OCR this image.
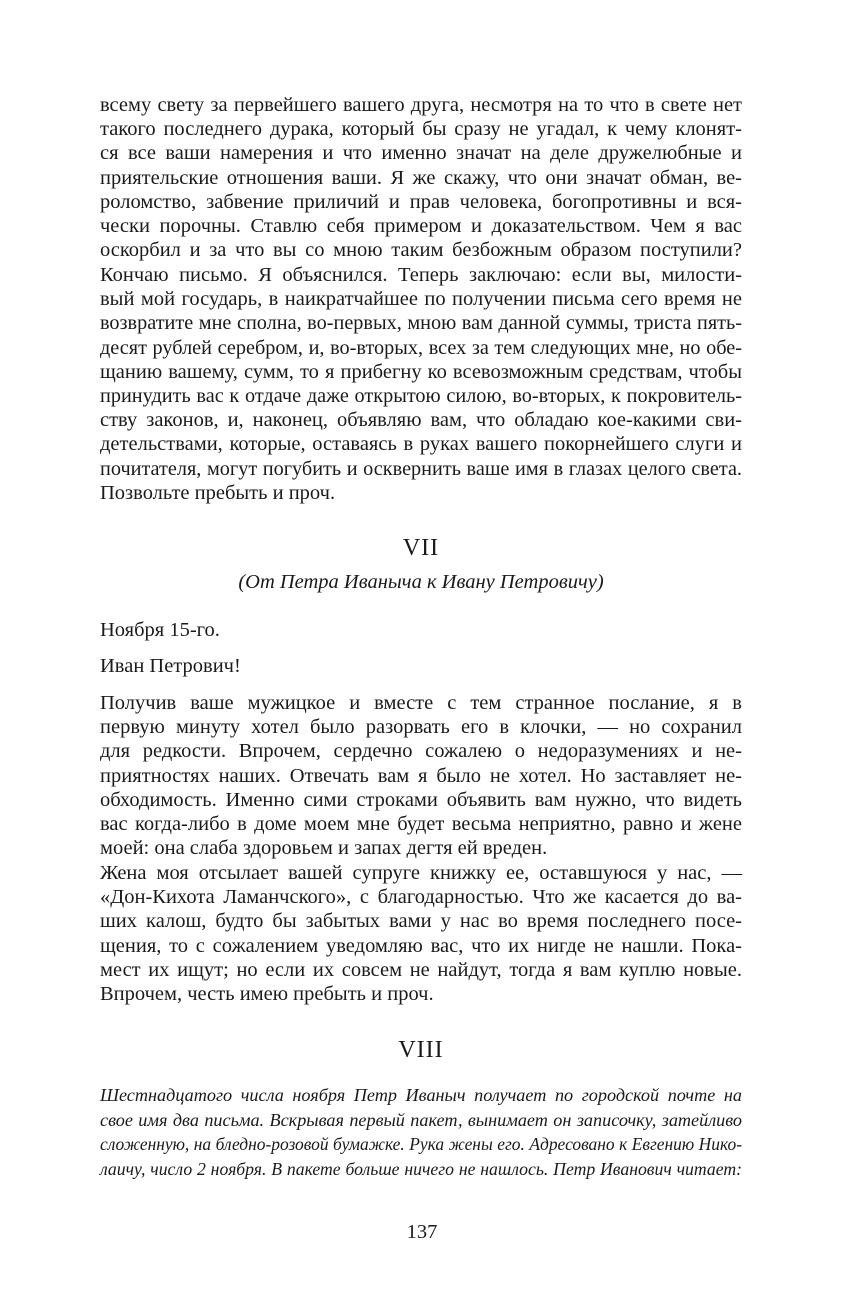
всему свету за первейшего вашего друга, несмотря на то что в свете нет
такого последнего дурака, который бы сразу не угадал, к чему клонят-
ся все ваши намерения и что именно значат на деле дружелюбные и
приятельские отношения ваши. Я же скажу, что они значат обман, ве-
роломство, забвение приличий и прав человека, богопротивны и вся-
чески порочны. Ставлю себя примером и доказательством. Чем я вас
оскорбил и за что вы со мною таким безбожным образом поступили?
Кончаю письмо. Я объяснился. Теперь заключаю: если вы, милости-
вый мой государь, в наикратчайшее по получении письма сего время не
возвратите мне сполна, во-первых, мною вам данной суммы, триста пять-
десят рублей серебром, и, во-вторых, всех за тем следующих мне, но обе-
щанию вашему, сумм, то я прибегну ко всевозможным средствам, чтобы
принудить вас к отдаче даже открытою силою, во-вторых, к покровитель-
ству законов, и, наконец, объявляю вам, что обладаю кое-какими сви-
детельствами, которые, оставаясь в руках вашего покорнейшего слуги и
почитателя, могут погубить и осквернить ваше имя в глазах целого света.
Позвольте пребыть и проч.
VII
(От Петра Иваныча к Ивану Петровичу)
Ноября 15-го.
Иван Петрович!
Получив ваше мужицкое и вместе с тем странное послание, я в
первую минуту хотел было разорвать его в клочки, — но сохранил
для редкости. Впрочем, сердечно сожалею о недоразумениях и не-
приятностях наших. Отвечать вам я было не хотел. Но заставляет не-
обходимость. Именно сими строками объявить вам нужно, что видеть
вас когда-либо в доме моем мне будет весьма неприятно, равно и жене
моей: она слаба здоровьем и запах дегтя ей вреден.
Жена моя отсылает вашей супруге книжку ее, оставшуюся у нас, —
«Дон-Кихота Ламанчского», с благодарностью. Что же касается до ва-
ших калош, будто бы забытых вами у нас во время последнего посе-
щения, то с сожалением уведомляю вас, что их нигде не нашли. Пока-
мест их ищут; но если их совсем не найдут, тогда я вам куплю новые.
Впрочем, честь имею пребыть и проч.
VIII
Шестнадцатого числа ноября Петр Иваныч получает по городской почте на
свое имя два письма. Вскрывая первый пакет, вынимает он записочку, затейливо
сложенную, на бледно-розовой бумажке. Рука жены его. Адресовано к Евгению Нико-
лаичу, число 2 ноября. В пакете больше ничего не нашлось. Петр Иванович читает:
137
